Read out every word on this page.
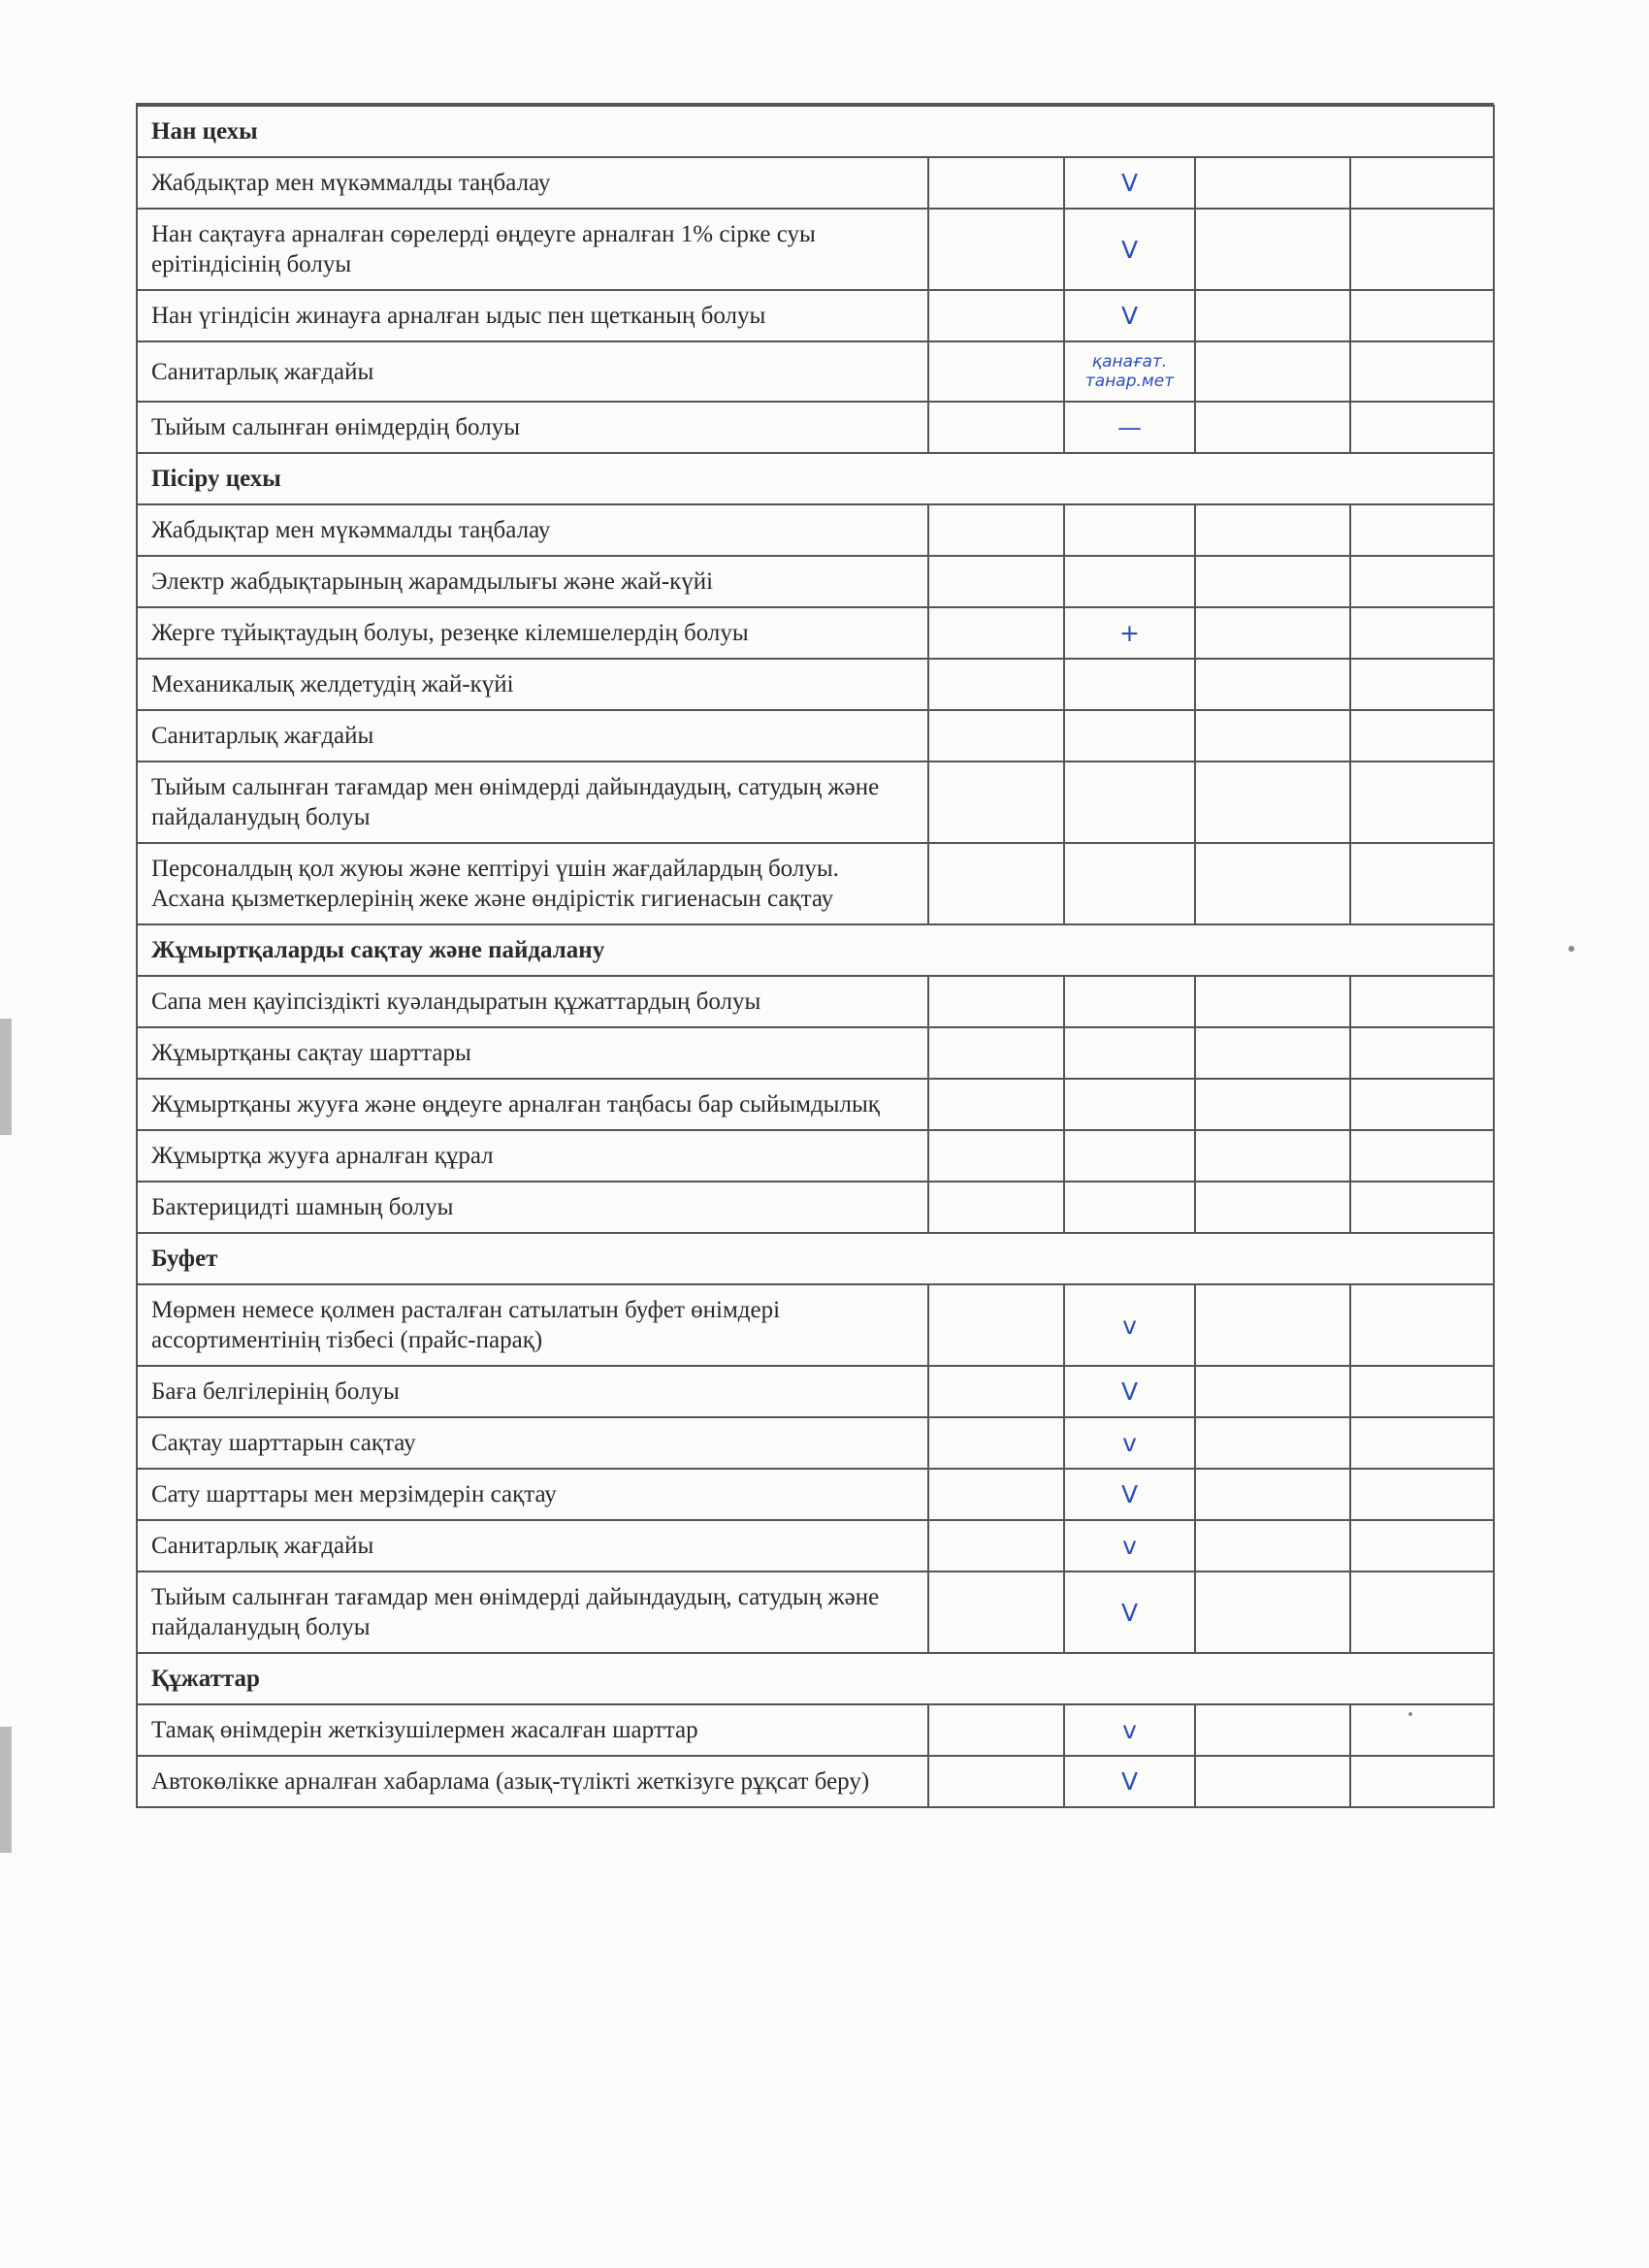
Нан цехы				
Жабдықтар мен мүкәммалды таңбалау		V		
Нан сақтауға арналған сөрелерді өңдеуге арналған 1% сірке суы ерітіндісінің болуы		V		
Нан үгіндісін жинауға арналған ыдыс пен щетканың болуы		V		
Санитарлық жағдайы		қанағат. танар.мет		
Тыйым салынған өнімдердің болуы		—		
Пісіру цехы				
Жабдықтар мен мүкәммалды таңбалау				
Электр жабдықтарының жарамдылығы және жай-күйі				
Жерге тұйықтаудың болуы, резеңке кілемшелердің болуы		+		
Механикалық желдетудің жай-күйі				
Санитарлық жағдайы				
Тыйым салынған тағамдар мен өнімдерді дайындаудың, сатудың және пайдаланудың болуы				
Персоналдың қол жуюы және кептіруі үшін жағдайлардың болуы. Асхана қызметкерлерінің жеке және өндірістік гигиенасын сақтау				
Жұмыртқаларды сақтау және пайдалану				
Сапа мен қауіпсіздікті куәландыратын құжаттардың болуы				
Жұмыртқаны сақтау шарттары				
Жұмыртқаны жууға және өңдеуге арналған таңбасы бар сыйымдылық				
Жұмыртқа жууға арналған құрал				
Бактерицидті шамның болуы				
Буфет				
Мөрмен немесе қолмен расталған сатылатын буфет өнімдері ассортиментінің тізбесі (прайс-парақ)		v		
Баға белгілерінің болуы		V		
Сақтау шарттарын сақтау		v		
Сату шарттары мен мерзімдерін сақтау		V		
Санитарлық жағдайы		v		
Тыйым салынған тағамдар мен өнімдерді дайындаудың, сатудың және пайдаланудың болуы		V		
Құжаттар				
Тамақ өнімдерін жеткізушілермен жасалған шарттар		v		
Автокөлікке арналған хабарлама (азық-түлікті жеткізуге рұқсат беру)		V		
